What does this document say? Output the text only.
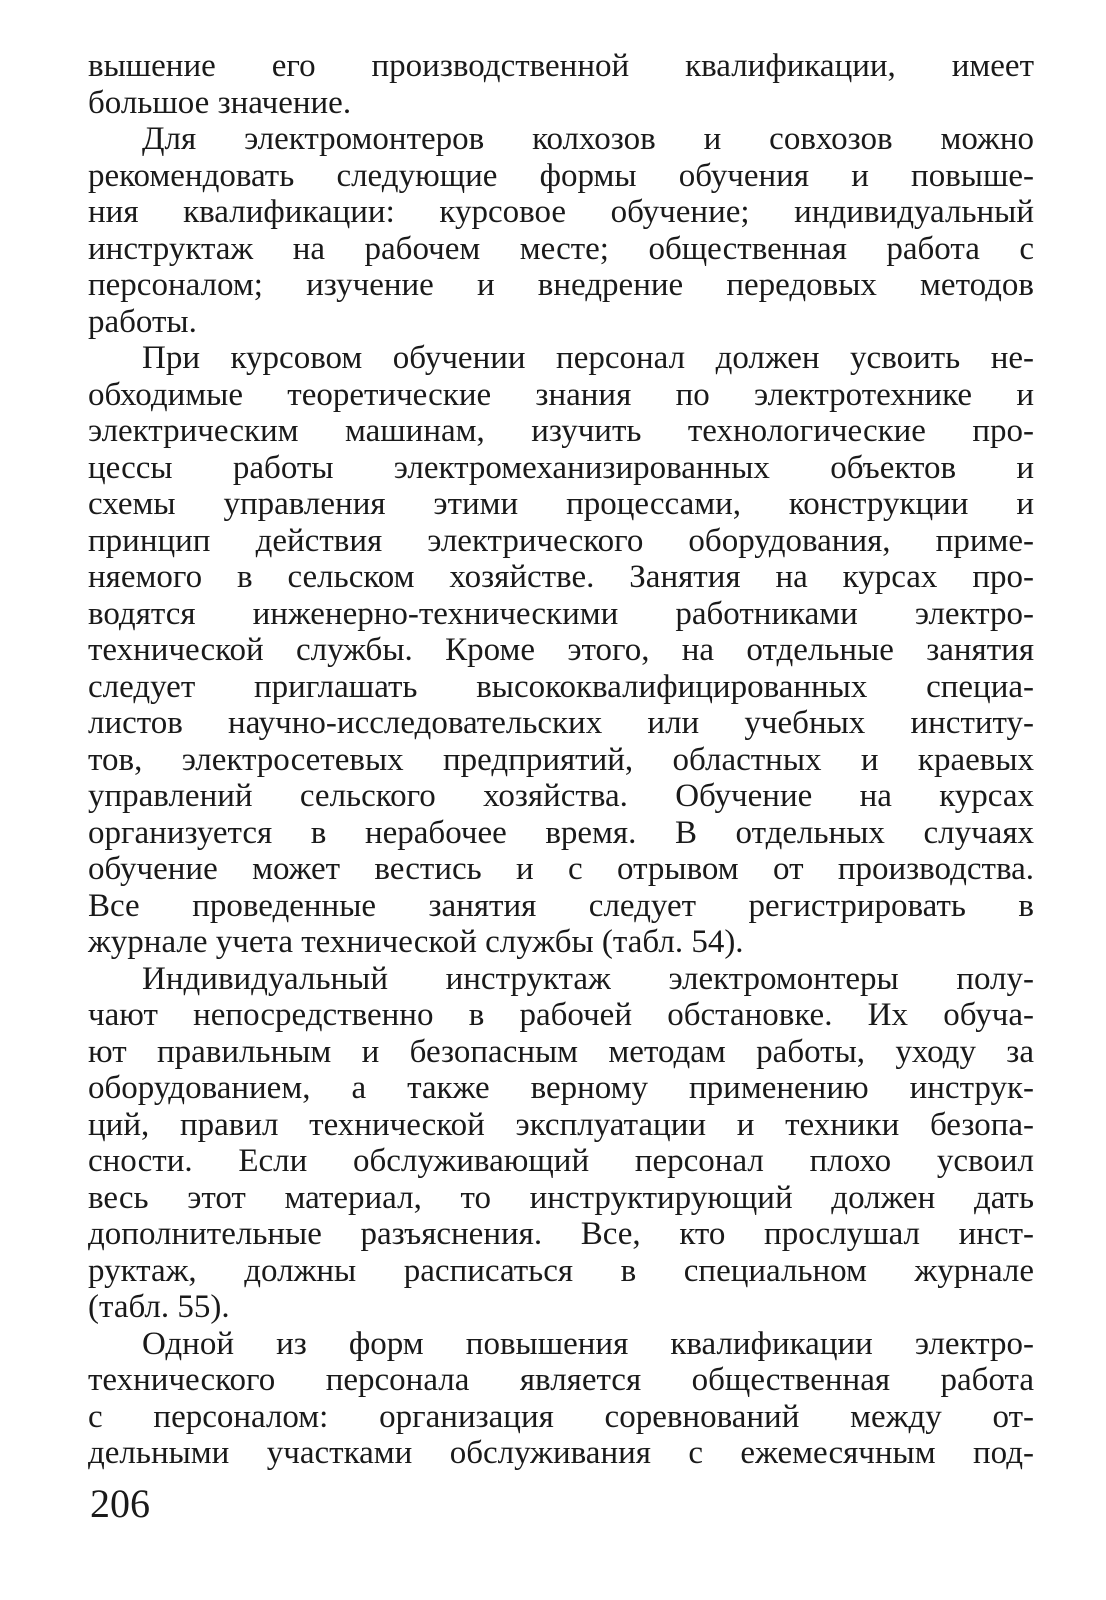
вышение его производственной квалификации, имеет
большое значение.
Для электромонтеров колхозов и совхозов можно
рекомендовать следующие формы обучения и повыше-
ния квалификации: курсовое обучение; индивидуальный
инструктаж на рабочем месте; общественная работа с
персоналом; изучение и внедрение передовых методов
работы.
При курсовом обучении персонал должен усвоить не-
обходимые теоретические знания по электротехнике и
электрическим машинам, изучить технологические про-
цессы работы электромеханизированных объектов и
схемы управления этими процессами, конструкции и
принцип действия электрического оборудования, приме-
няемого в сельском хозяйстве. Занятия на курсах про-
водятся инженерно-техническими работниками электро-
технической службы. Кроме этого, на отдельные занятия
следует приглашать высококвалифицированных специа-
листов научно-исследовательских или учебных институ-
тов, электросетевых предприятий, областных и краевых
управлений сельского хозяйства. Обучение на курсах
организуется в нерабочее время. В отдельных случаях
обучение может вестись и с отрывом от производства.
Все проведенные занятия следует регистрировать в
журнале учета технической службы (табл. 54).
Индивидуальный инструктаж электромонтеры полу-
чают непосредственно в рабочей обстановке. Их обуча-
ют правильным и безопасным методам работы, уходу за
оборудованием, а также верному применению инструк-
ций, правил технической эксплуатации и техники безопа-
сности. Если обслуживающий персонал плохо усвоил
весь этот материал, то инструктирующий должен дать
дополнительные разъяснения. Все, кто прослушал инст-
руктаж, должны расписаться в специальном журнале
(табл. 55).
Одной из форм повышения квалификации электро-
технического персонала является общественная работа
с персоналом: организация соревнований между от-
дельными участками обслуживания с ежемесячным под-
206
